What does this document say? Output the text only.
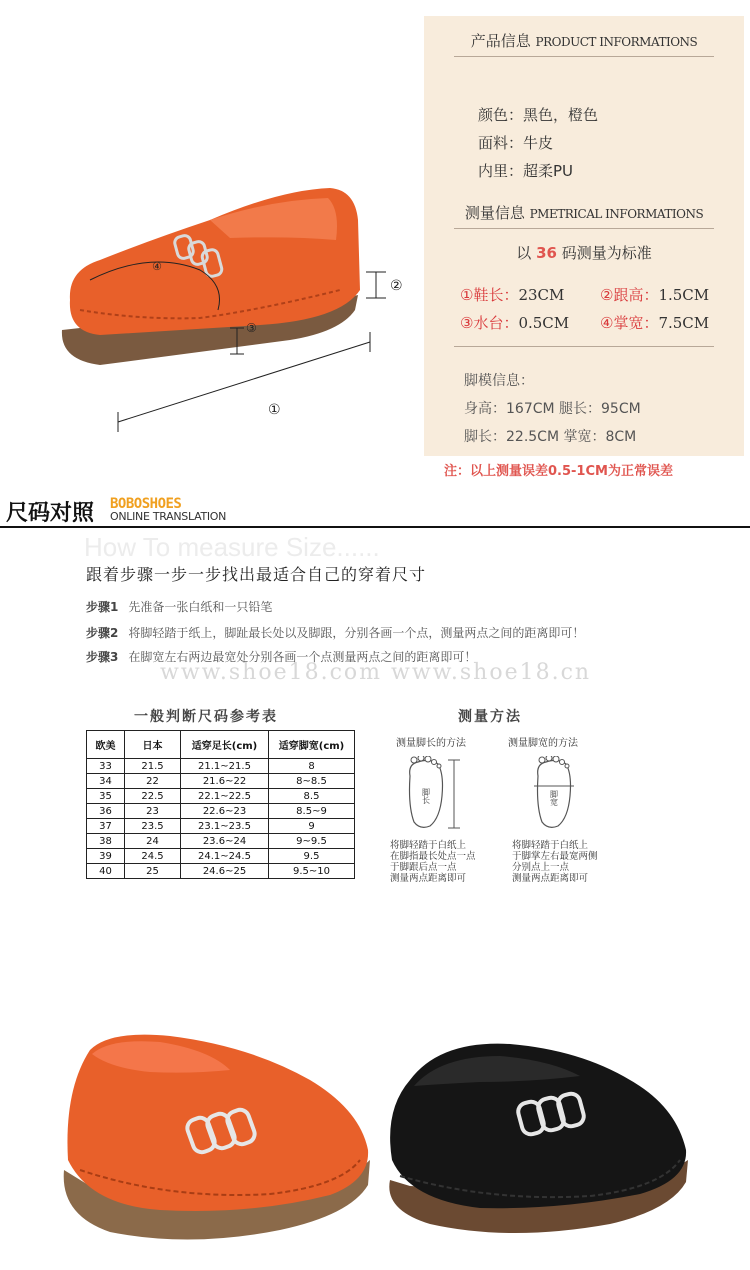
①
②
③
④
产品信息 PRODUCT INFORMATIONS
颜色：黑色，橙色
面料：牛皮
内里：超柔PU
测量信息 PMETRICAL INFORMATIONS
以 36 码测量为标准
①鞋长：23CM ②跟高：1.5CM
③水台：0.5CM ④掌宽：7.5CM
脚模信息：
身高：167CM 腿长：95CM
脚长：22.5CM 掌宽：8CM
注：以上测量误差0.5-1CM为正常误差
尺码对照 BOBOSHOES
ONLINE TRANSLATION
How To measure Size......
跟着步骤一步一步找出最适合自己的穿着尺寸
步骤1 先准备一张白纸和一只铅笔
步骤2 将脚轻踏于纸上，脚趾最长处以及脚跟，分别各画一个点，测量两点之间的距离即可！
步骤3 在脚宽左右两边最宽处分别各画一个点测量两点之间的距离即可！
www.shoe18.com www.shoe18.cn
一般判断尺码参考表
欧美	日本	适穿足长(cm)	适穿脚宽(cm)
33	21.5	21.1~21.5	8
34	22	21.6~22	8~8.5
35	22.5	22.1~22.5	8.5
36	23	22.6~23	8.5~9
37	23.5	23.1~23.5	9
38	24	23.6~24	9~9.5
39	24.5	24.1~24.5	9.5
40	25	24.6~25	9.5~10
测量方法
测量脚长的方法	测量脚宽的方法
脚长	脚宽
将脚轻踏于白纸上
在脚指最长处点一点
于脚跟后点一点
测量两点距离即可
将脚轻踏于白纸上
于脚掌左右最宽两侧
分别点上一点
测量两点距离即可
